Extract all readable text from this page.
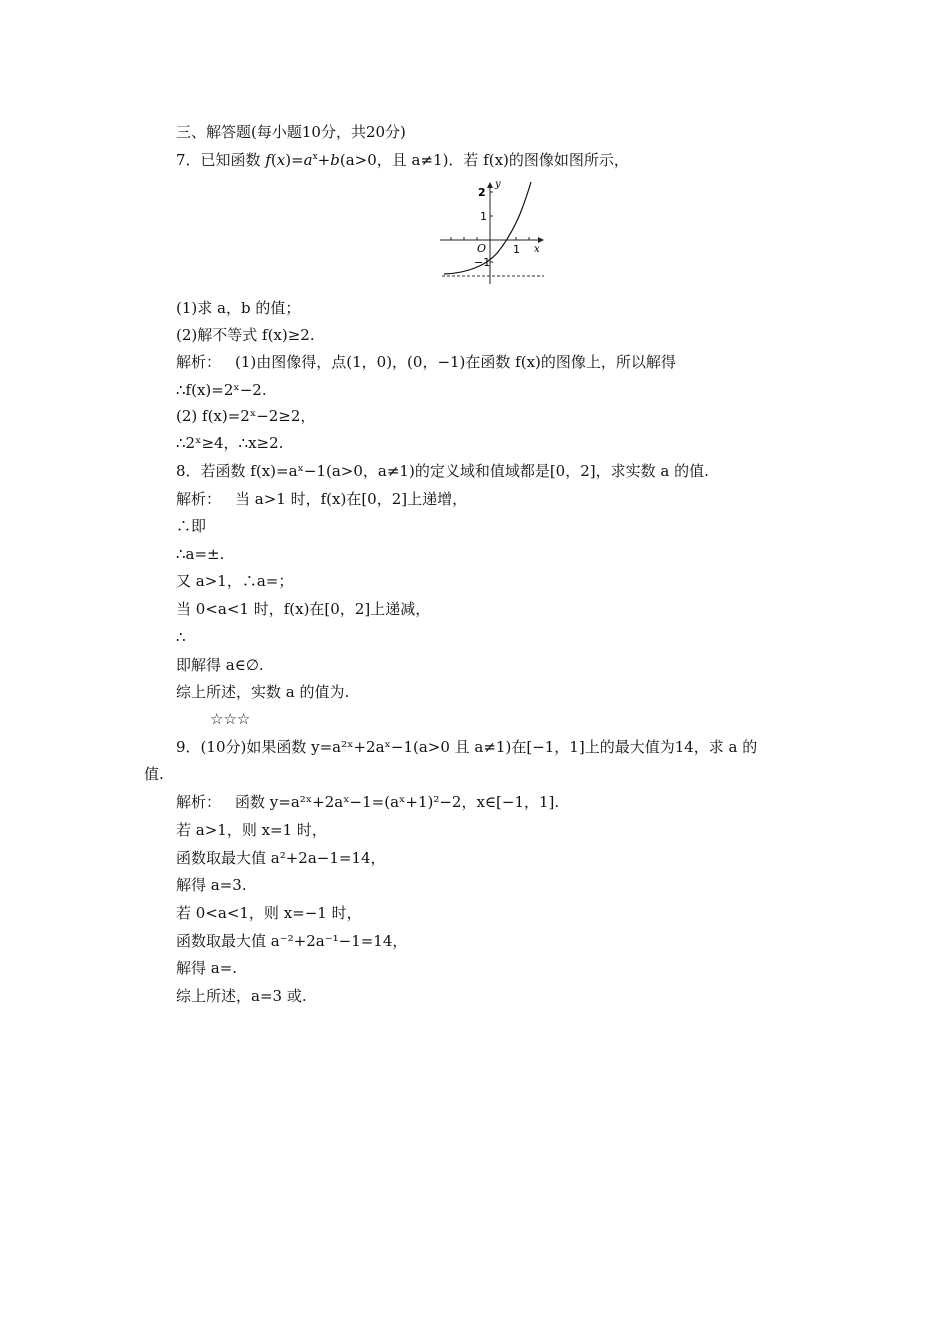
三、解答题(每小题10分，共20分)
7．已知函数 $f(x)=a^x+b(a>0$，且 a≠1)．若 f(x)的图像如图所示，
2
1
−1
1
O	x
y
(1)求 a，b 的值；
(2)解不等式 f(x)≥2.
解析： (1)由图像得，点(1，0)，(0，−1)在函数 f(x)的图像上，所以解得
∴f(x)=2ˣ−2.
(2) f(x)=2ˣ−2≥2，
∴2ˣ≥4，∴x≥2.
8．若函数 f(x)=aˣ−1(a>0，a≠1)的定义域和值域都是[0，2]，求实数 a 的值.
解析： 当 a>1 时，f(x)在[0，2]上递增，
∴即
∴a=±.
又 a>1，∴a=；
当 0<a<1 时，f(x)在[0，2]上递减，
∴
即解得 a∈∅.
综上所述，实数 a 的值为.
☆☆☆
9．(10分)如果函数 y=a²ˣ+2aˣ−1(a>0 且 a≠1)在[−1，1]上的最大值为14，求 a 的
值.
解析： 函数 y=a²ˣ+2aˣ−1=(aˣ+1)²−2，x∈[−1，1].
若 a>1，则 x=1 时，
函数取最大值 a²+2a−1=14，
解得 a=3.
若 0<a<1，则 x=−1 时，
函数取最大值 a⁻²+2a⁻¹−1=14，
解得 a=.
综上所述，a=3 或.
